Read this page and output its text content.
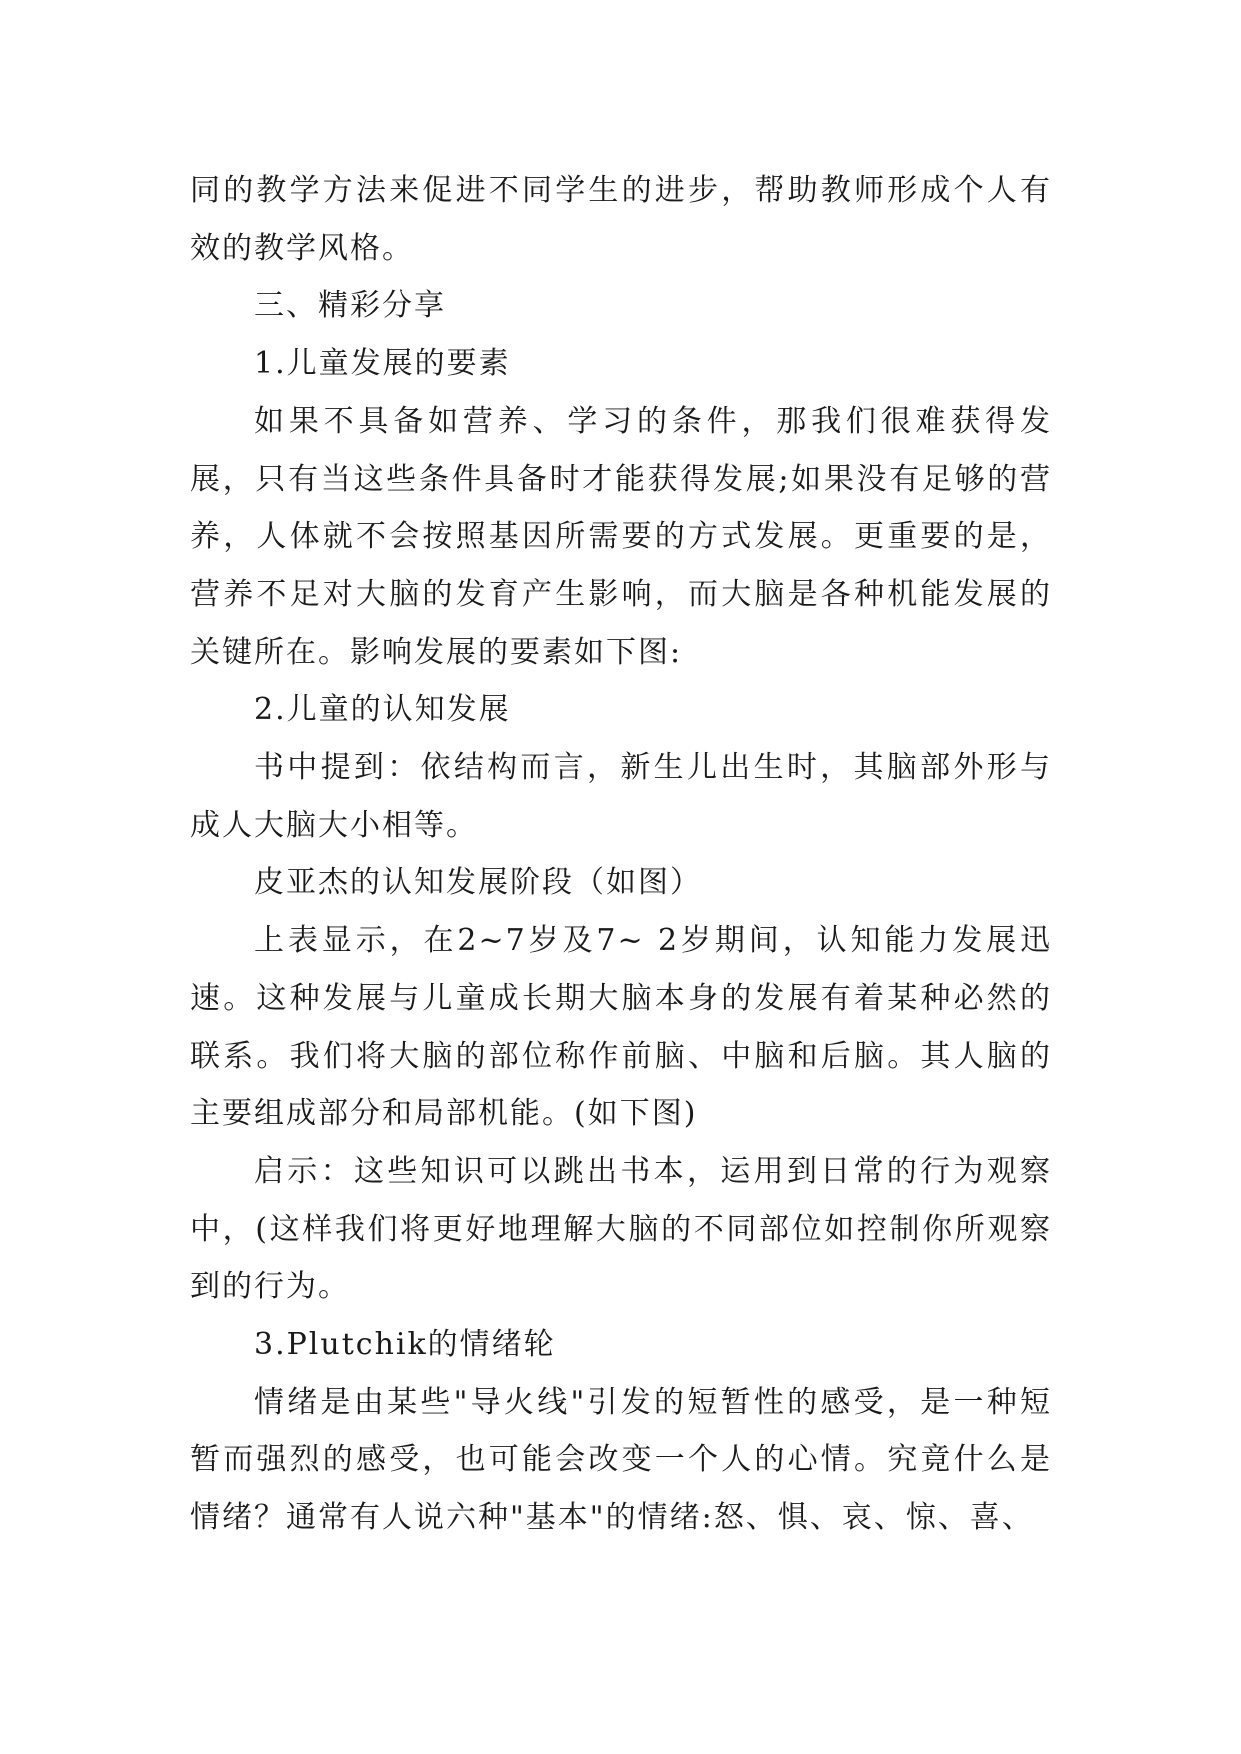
同的教学方法来促进不同学生的进步，帮助教师形成个人有效的教学风格。

三、精彩分享

1.儿童发展的要素

如果不具备如营养、学习的条件，那我们很难获得发展，只有当这些条件具备时才能获得发展;如果没有足够的营养，人体就不会按照基因所需要的方式发展。更重要的是，营养不足对大脑的发育产生影响，而大脑是各种机能发展的关键所在。影响发展的要素如下图:

2.儿童的认知发展

书中提到：依结构而言，新生儿出生时，其脑部外形与成人大脑大小相等。

皮亚杰的认知发展阶段（如图）

上表显示，在2~7岁及7~ 2岁期间，认知能力发展迅速。这种发展与儿童成长期大脑本身的发展有着某种必然的联系。我们将大脑的部位称作前脑、中脑和后脑。其人脑的主要组成部分和局部机能。(如下图)

启示：这些知识可以跳出书本，运用到日常的行为观察中，(这样我们将更好地理解大脑的不同部位如控制你所观察到的行为。

3.Plutchik的情绪轮

情绪是由某些"导火线"引发的短暂性的感受，是一种短暂而强烈的感受，也可能会改变一个人的心情。究竟什么是情绪？通常有人说六种"基本"的情绪:怒、惧、哀、惊、喜、
